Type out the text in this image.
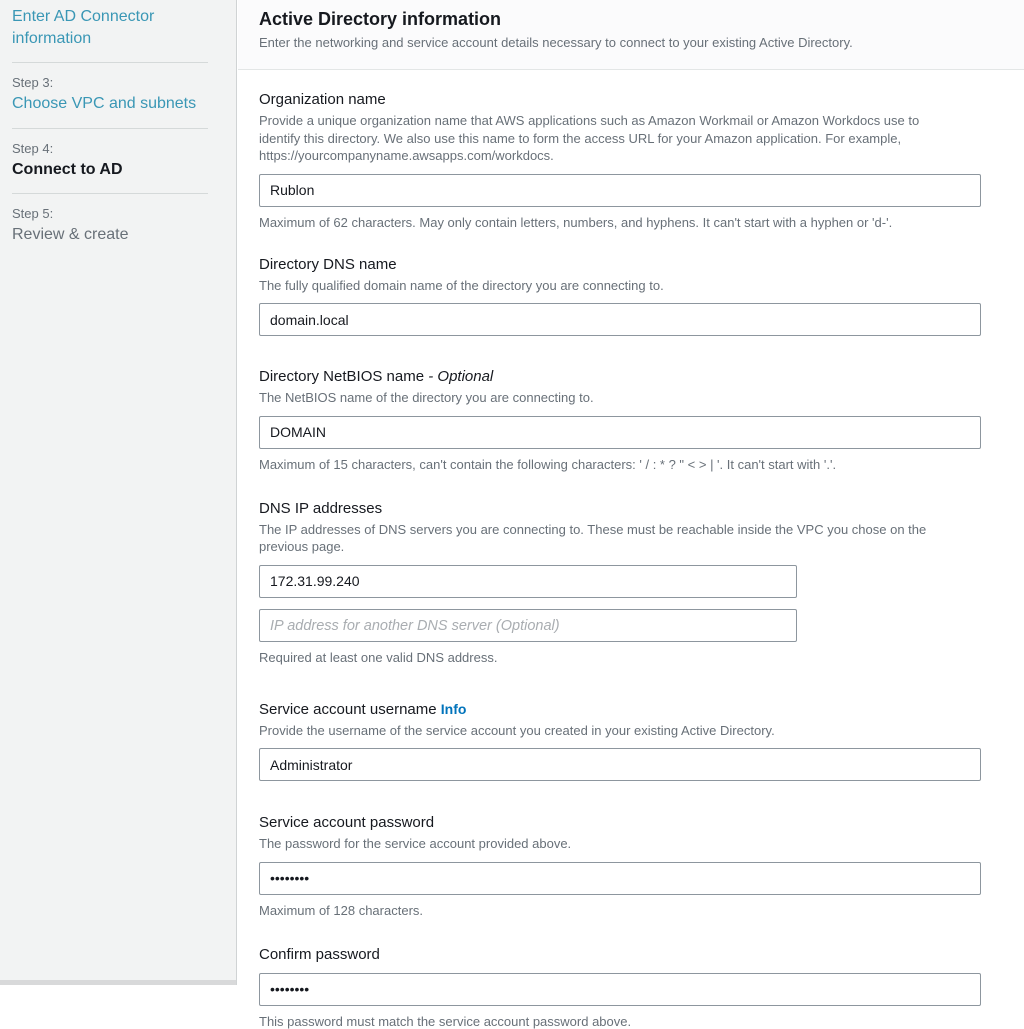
Enter AD Connector information
Step 3:
Choose VPC and subnets
Step 4:
Connect to AD
Step 5:
Review & create
Active Directory information
Enter the networking and service account details necessary to connect to your existing Active Directory.
Organization name
Provide a unique organization name that AWS applications such as Amazon Workmail or Amazon Workdocs use to identify this directory. We also use this name to form the access URL for your Amazon application. For example, https://yourcompanyname.awsapps.com/workdocs.
Rublon
Maximum of 62 characters. May only contain letters, numbers, and hyphens. It can't start with a hyphen or 'd-'.
Directory DNS name
The fully qualified domain name of the directory you are connecting to.
domain.local
Directory NetBIOS name - Optional
The NetBIOS name of the directory you are connecting to.
DOMAIN
Maximum of 15 characters, can't contain the following characters: ' / : * ? " < > | '. It can't start with '.'.
DNS IP addresses
The IP addresses of DNS servers you are connecting to. These must be reachable inside the VPC you chose on the previous page.
172.31.99.240
IP address for another DNS server (Optional)
Required at least one valid DNS address.
Service account username Info
Provide the username of the service account you created in your existing Active Directory.
Administrator
Service account password
The password for the service account provided above.
Maximum of 128 characters.
Confirm password
This password must match the service account password above.
